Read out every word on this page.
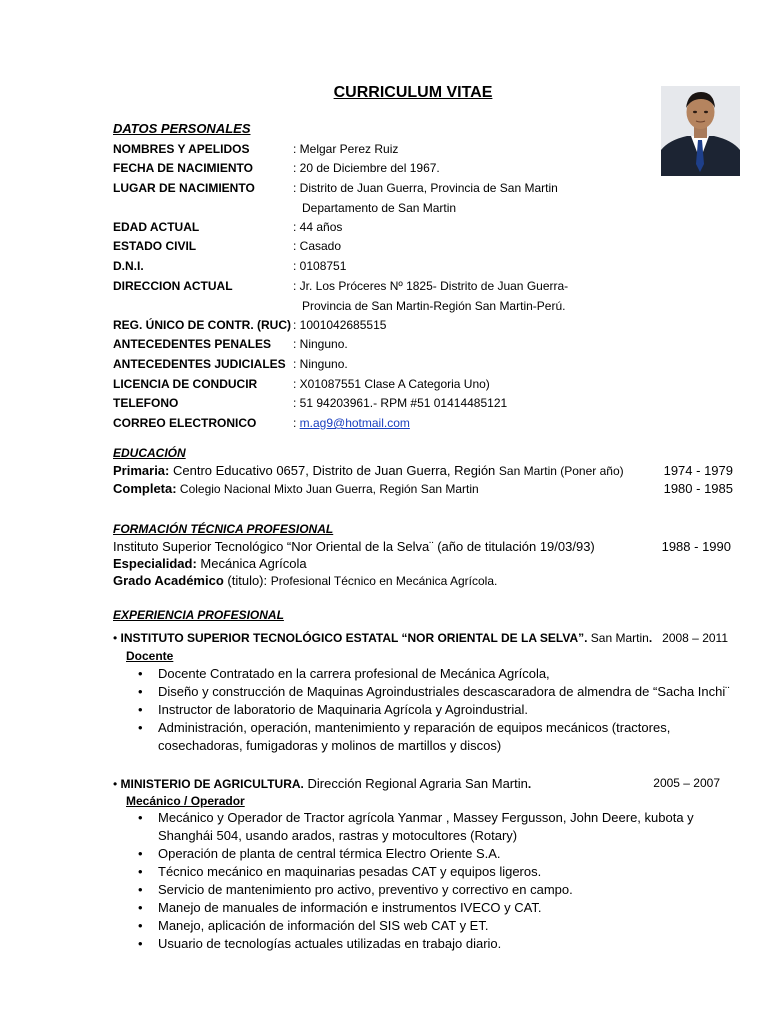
CURRICULUM VITAE
DATOS PERSONALES
NOMBRES Y APELIDOS	: Melgar Perez Ruiz
FECHA DE NACIMIENTO	: 20 de Diciembre del 1967.
LUGAR DE NACIMIENTO	: Distrito de Juan Guerra, Provincia de San Martin
Departamento de San Martin
EDAD ACTUAL	: 44 años
ESTADO CIVIL	: Casado
D.N.I.	: 0108751
DIRECCION ACTUAL	: Jr. Los Próceres Nº 1825- Distrito de Juan Guerra-
Provincia de San Martin-Región San Martin-Perú.
REG. ÚNICO DE CONTR. (RUC) : 1001042685515
ANTECEDENTES PENALES : Ninguno.
ANTECEDENTES JUDICIALES : Ninguno.
LICENCIA DE CONDUCIR	: X01087551 Clase A Categoria Uno)
TELEFONO	: 51 94203961.- RPM #51 01414485121
CORREO ELECTRONICO	: m.ag9@hotmail.com
EDUCACIÓN
Primaria: Centro Educativo 0657, Distrito de Juan Guerra, Región San Martin (Poner año)	1974 - 1979
Completa: Colegio Nacional Mixto Juan Guerra, Región San Martin	1980 - 1985
FORMACIÓN TÉCNICA PROFESIONAL
Instituto Superior Tecnológico “Nor Oriental de la Selva¨ (año de titulación 19/03/93)	1988 - 1990
Especialidad: Mecánica Agrícola
Grado Académico (titulo): Profesional Técnico en Mecánica Agrícola.
EXPERIENCIA PROFESIONAL
• INSTITUTO SUPERIOR TECNOLÓGICO ESTATAL “NOR ORIENTAL DE LA SELVA”. San Martin. 2008 – 2011
Docente
• Docente Contratado en la carrera profesional de Mecánica Agrícola,
• Diseño y construcción de Maquinas Agroindustriales descascaradora de almendra de “Sacha Inchi¨
• Instructor de laboratorio de Maquinaria Agrícola y Agroindustrial.
• Administración, operación, mantenimiento y reparación de equipos mecánicos (tractores, cosechadoras, fumigadoras y molinos de martillos y discos)
• MINISTERIO DE AGRICULTURA. Dirección Regional Agraria San Martin.	2005 – 2007
Mecánico / Operador
• Mecánico y Operador de Tractor agrícola Yanmar , Massey Fergusson, John Deere, kubota y Shanghái 504, usando arados, rastras y motocultores (Rotary)
• Operación de planta de central térmica Electro Oriente S.A.
• Técnico mecánico en maquinarias pesadas CAT y equipos ligeros.
• Servicio de mantenimiento pro activo, preventivo y correctivo en campo.
• Manejo de manuales de información e instrumentos IVECO y CAT.
• Manejo, aplicación de información del SIS web CAT y ET.
• Usuario de tecnologías actuales utilizadas en trabajo diario.
